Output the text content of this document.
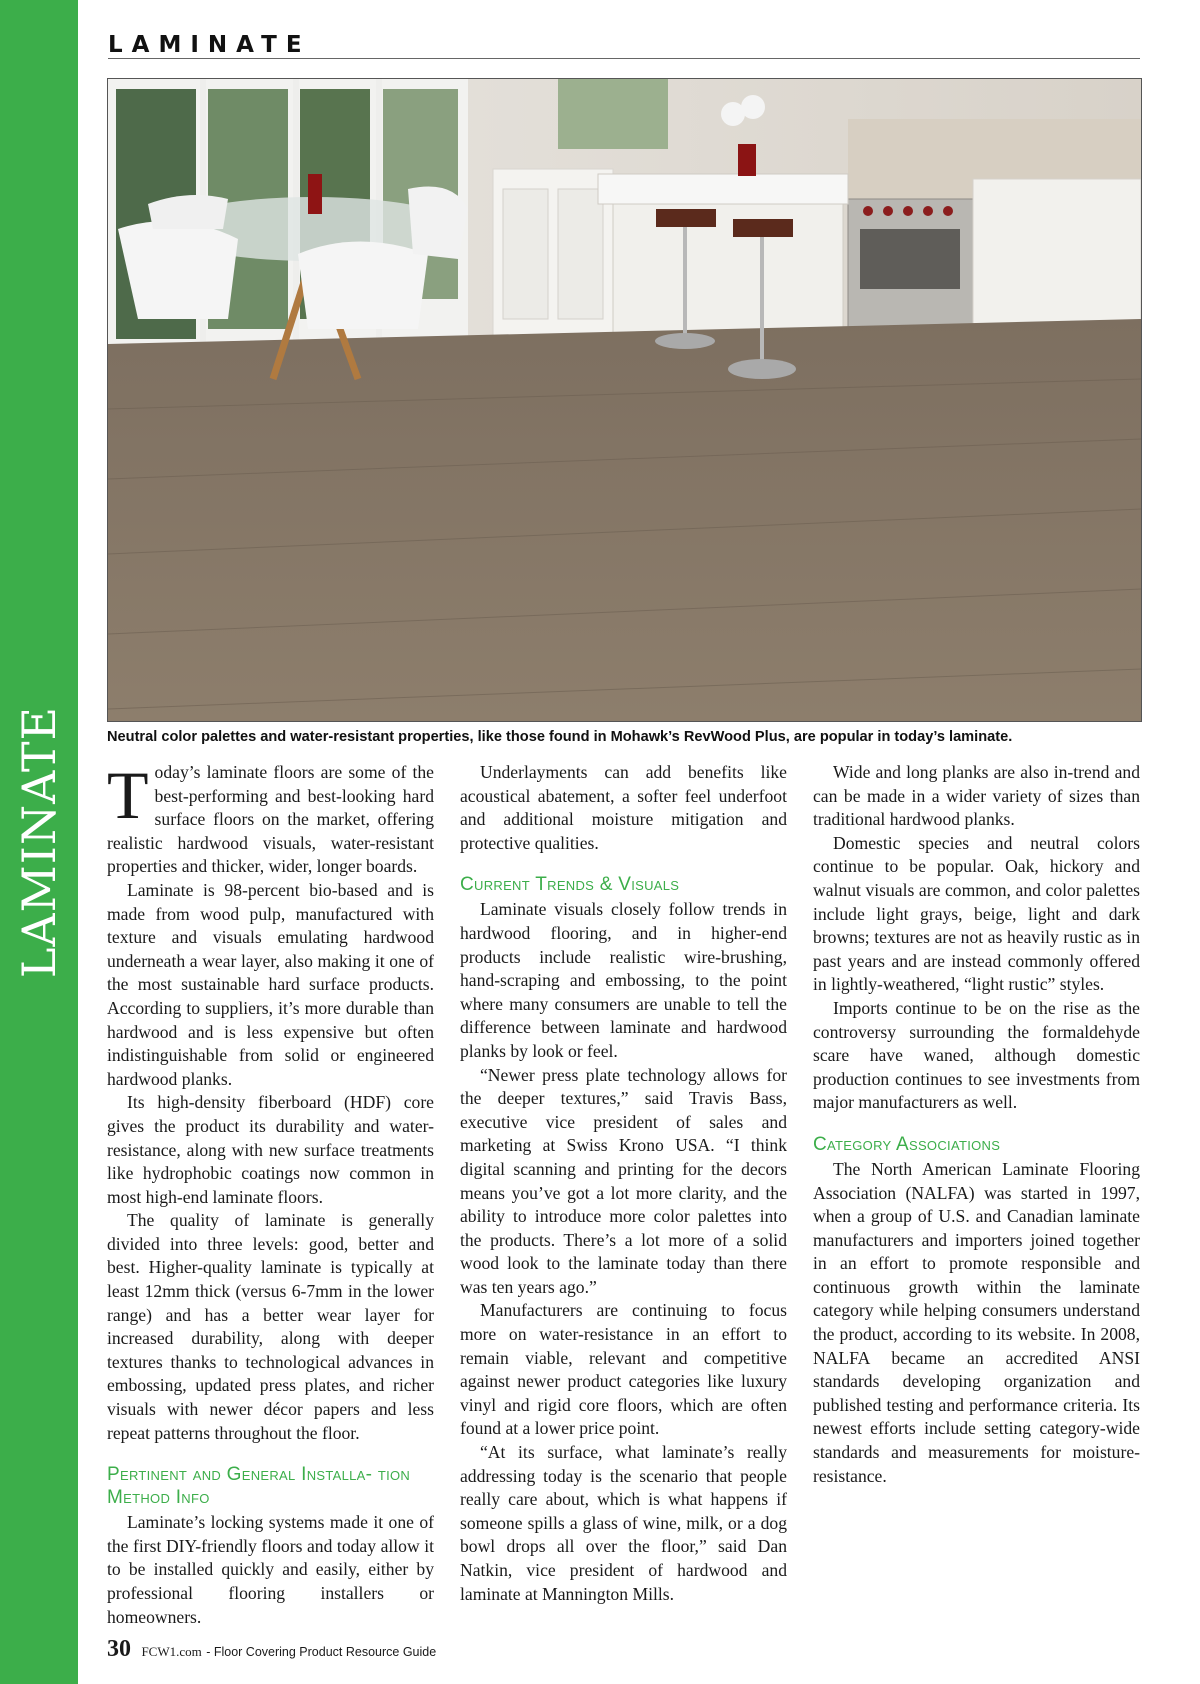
LAMINATE
LAMINATE
Neutral color palettes and water-resistant properties, like those found in Mohawk’s RevWood Plus, are popular in today’s laminate.

Today’s laminate floors are some of the best-performing and best-looking hard surface floors on the market, offering realistic hardwood visuals, water-resistant properties and thicker, wider, longer boards.

Laminate is 98-percent bio-based and is made from wood pulp, manufactured with texture and visuals emulating hardwood underneath a wear layer, also making it one of the most sustainable hard surface products. According to suppliers, it’s more durable than hardwood and is less expensive but often indistinguishable from solid or engineered hardwood planks.

Its high-density fiberboard (HDF) core gives the product its durability and water-resistance, along with new surface treatments like hydrophobic coatings now common in most high-end laminate floors.

The quality of laminate is generally divided into three levels: good, better and best. Higher-quality laminate is typically at least 12mm thick (versus 6-7mm in the lower range) and has a better wear layer for increased durability, along with deeper textures thanks to technological advances in embossing, updated press plates, and richer visuals with newer décor papers and less repeat patterns throughout the floor.

Pertinent and General Installa- tion Method Info

Laminate’s locking systems made it one of the first DIY-friendly floors and today allow it to be installed quickly and easily, either by professional flooring installers or homeowners.

Underlayments can add benefits like acoustical abatement, a softer feel underfoot and additional moisture mitigation and protective qualities.

Current Trends & Visuals

Laminate visuals closely follow trends in hardwood flooring, and in higher-end products include realistic wire-brushing, hand-scraping and embossing, to the point where many consumers are unable to tell the difference between laminate and hardwood planks by look or feel.

“Newer press plate technology allows for the deeper textures,” said Travis Bass, executive vice president of sales and marketing at Swiss Krono USA. “I think digital scanning and printing for the decors means you’ve got a lot more clarity, and the ability to introduce more color palettes into the products. There’s a lot more of a solid wood look to the laminate today than there was ten years ago.”

Manufacturers are continuing to focus more on water-resistance in an effort to remain viable, relevant and competitive against newer product categories like luxury vinyl and rigid core floors, which are often found at a lower price point.

“At its surface, what laminate’s really addressing today is the scenario that people really care about, which is what happens if someone spills a glass of wine, milk, or a dog bowl drops all over the floor,” said Dan Natkin, vice president of hardwood and laminate at Mannington Mills.

Wide and long planks are also in-trend and can be made in a wider variety of sizes than traditional hardwood planks.

Domestic species and neutral colors continue to be popular. Oak, hickory and walnut visuals are common, and color palettes include light grays, beige, light and dark browns; textures are not as heavily rustic as in past years and are instead commonly offered in lightly-weathered, “light rustic” styles.

Imports continue to be on the rise as the controversy surrounding the formaldehyde scare have waned, although domestic production continues to see investments from major manufacturers as well.

Category Associations

The North American Laminate Flooring Association (NALFA) was started in 1997, when a group of U.S. and Canadian laminate manufacturers and importers joined together in an effort to promote responsible and continuous growth within the laminate category while helping consumers understand the product, according to its website. In 2008, NALFA became an accredited ANSI standards developing organization and published testing and performance criteria. Its newest efforts include setting category-wide standards and measurements for moisture-resistance.

30 FCW1.com - Floor Covering Product Resource Guide
